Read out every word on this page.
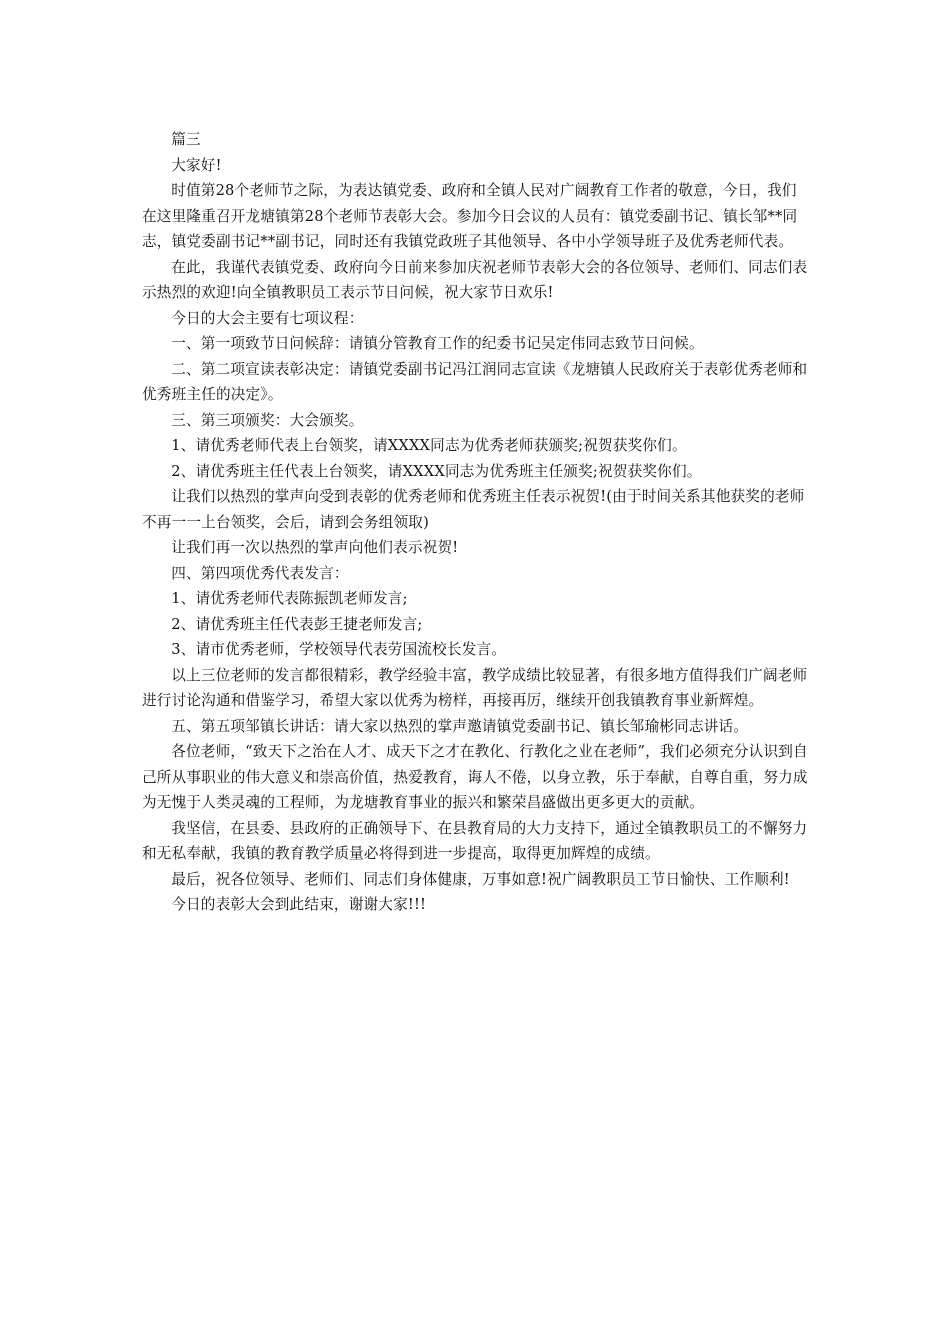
篇三

大家好!

时值第28个老师节之际，为表达镇党委、政府和全镇人民对广阔教育工作者的敬意，今日，我们在这里隆重召开龙塘镇第28个老师节表彰大会。参加今日会议的人员有：镇党委副书记、镇长邹**同志，镇党委副书记**副书记，同时还有我镇党政班子其他领导、各中小学领导班子及优秀老师代表。

在此，我谨代表镇党委、政府向今日前来参加庆祝老师节表彰大会的各位领导、老师们、同志们表示热烈的欢迎!向全镇教职员工表示节日问候，祝大家节日欢乐!

今日的大会主要有七项议程：

一、第一项致节日问候辞：请镇分管教育工作的纪委书记吴定伟同志致节日问候。

二、第二项宣读表彰决定：请镇党委副书记冯江润同志宣读《龙塘镇人民政府关于表彰优秀老师和优秀班主任的决定》。

三、第三项颁奖：大会颁奖。

1、请优秀老师代表上台领奖，请XXXX同志为优秀老师获颁奖;祝贺获奖你们。

2、请优秀班主任代表上台领奖，请XXXX同志为优秀班主任颁奖;祝贺获奖你们。

让我们以热烈的掌声向受到表彰的优秀老师和优秀班主任表示祝贺!(由于时间关系其他获奖的老师不再一一上台领奖，会后，请到会务组领取)

让我们再一次以热烈的掌声向他们表示祝贺!

四、第四项优秀代表发言：

1、请优秀老师代表陈振凯老师发言;

2、请优秀班主任代表彭王捷老师发言;

3、请市优秀老师，学校领导代表劳国流校长发言。

以上三位老师的发言都很精彩，教学经验丰富，教学成绩比较显著，有很多地方值得我们广阔老师进行讨论沟通和借鉴学习，希望大家以优秀为榜样，再接再厉，继续开创我镇教育事业新辉煌。

五、第五项邹镇长讲话：请大家以热烈的掌声邀请镇党委副书记、镇长邹瑜彬同志讲话。

各位老师，“致天下之治在人才、成天下之才在教化、行教化之业在老师”，我们必须充分认识到自己所从事职业的伟大意义和崇高价值，热爱教育，诲人不倦，以身立教，乐于奉献，自尊自重，努力成为无愧于人类灵魂的工程师，为龙塘教育事业的振兴和繁荣昌盛做出更多更大的贡献。

我坚信，在县委、县政府的正确领导下、在县教育局的大力支持下，通过全镇教职员工的不懈努力和无私奉献，我镇的教育教学质量必将得到进一步提高，取得更加辉煌的成绩。

最后，祝各位领导、老师们、同志们身体健康，万事如意!祝广阔教职员工节日愉快、工作顺利!

今日的表彰大会到此结束，谢谢大家!!!
